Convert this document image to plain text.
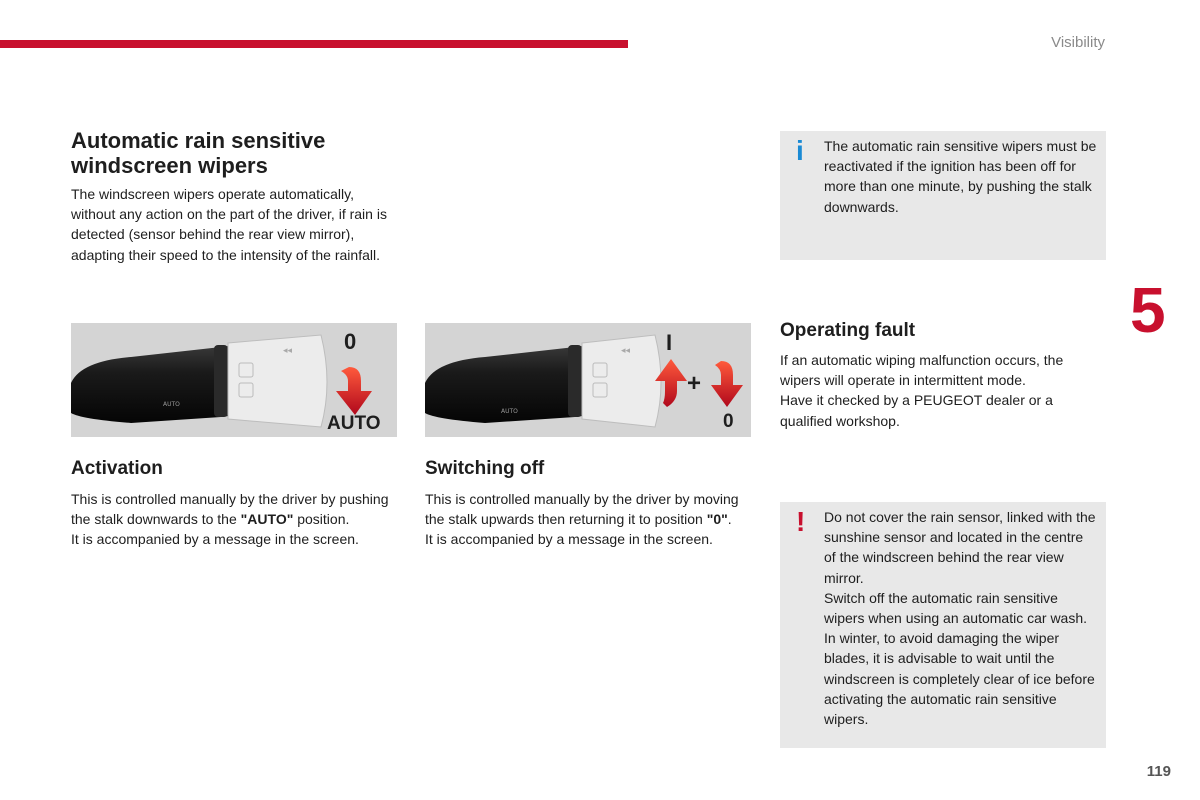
Visibility
5
119
Automatic rain sensitive
windscreen wipers

The windscreen wipers operate automatically, without any action on the part of the driver, if rain is detected (sensor behind the rear view mirror), adapting their speed to the intensity of the rainfall.

◂◂
AUTO
0
AUTO
◂◂
AUTO
I
+
0
Activation

This is controlled manually by the driver by pushing the stalk downwards to the "AUTO" position.

It is accompanied by a message in the screen.

Switching off

This is controlled manually by the driver by moving the stalk upwards then returning it to position "0".

It is accompanied by a message in the screen.

i The automatic rain sensitive wipers must be reactivated if the ignition has been off for more than one minute, by pushing the stalk downwards.
Operating fault

If an automatic wiping malfunction occurs, the wipers will operate in intermittent mode.

Have it checked by a PEUGEOT dealer or a qualified workshop.

! Do not cover the rain sensor, linked with the sunshine sensor and located in the centre of the windscreen behind the rear view mirror.
Switch off the automatic rain sensitive wipers when using an automatic car wash.
In winter, to avoid damaging the wiper blades, it is advisable to wait until the windscreen is completely clear of ice before activating the automatic rain sensitive wipers.
